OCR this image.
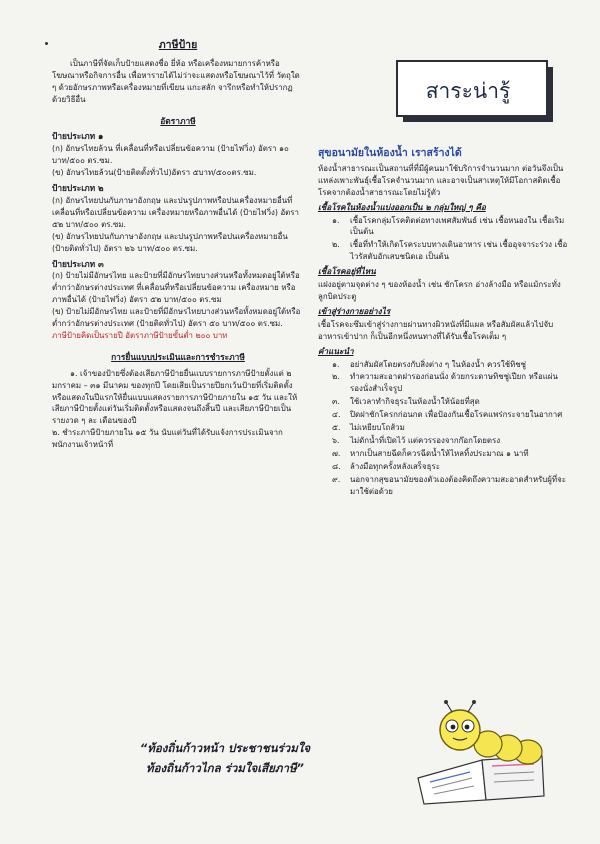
ภาษีป้าย

เป็นภาษีที่จัดเก็บป้ายแสดงชื่อ ยี่ห้อ หรือเครื่องหมายการค้าหรือโฆษณาหรือกิจการอื่น เพื่อหารายได้ไม่ว่าจะแสดงหรือโฆษณาไว้ที่ วัตถุใด ๆ ด้วยอักษรภาพหรือเครื่องหมายที่เขียน แกะสลัก จารึกหรือทำให้ปรากฏด้วยวิธีอื่น

อัตราภาษี
ป้ายประเภท ๑

(ก) อักษรไทยล้วน ที่เคลื่อนที่หรือเปลี่ยนข้อความ (ป้ายไฟวิ่ง) อัตรา ๑๐ บาท/๕๐๐ ตร.ซม.

(ข) อักษรไทยล้วน(ป้ายติดตั้งทั่วไป)อัตรา ๕บาท/๕๐๐ตร.ซม.

ป้ายประเภท ๒

(ก) อักษรไทยปนกับภาษาอังกฤษ และปนรูปภาพหรือปนเครื่องหมายอื่นที่เคลื่อนที่หรือเปลี่ยนข้อความ เครื่องหมายหรือภาพอื่นได้ (ป้ายไฟวิ่ง) อัตรา ๕๒ บาท/๕๐๐ ตร.ซม.

(ข) อักษรไทยปนกับภาษาอังกฤษ และปนรูปภาพหรือปนเครื่องหมายอื่น (ป้ายติดทั่วไป) อัตรา ๒๖ บาท/๕๐๐ ตร.ซม.

ป้ายประเภท ๓

(ก) ป้ายไม่มีอักษรไทย และป้ายที่มีอักษรไทยบางส่วนหรือทั้งหมดอยู่ใต้หรือต่ำกว่าอักษรต่างประเทศ ที่เคลื่อนที่หรือเปลี่ยนข้อความ เครื่องหมาย หรือภาพอื่นได้ (ป้ายไฟวิ่ง) อัตรา ๕๒ บาท/๕๐๐ ตร.ซม

(ข) ป้ายไม่มีอักษรไทย และป้ายที่มีอักษรไทยบางส่วนหรือทั้งหมดอยู่ใต้หรือต่ำกว่าอักษรต่างประเทศ (ป้ายติดทั่วไป) อัตรา ๕๐ บาท/๕๐๐ ตร.ซม.

ภาษีป้ายคิดเป็นรายปี อัตราภาษีป้ายขั้นต่ำ ๒๐๐ บาท

การยื่นแบบประเมินและการชำระภาษี

๑. เจ้าของป้ายซึ่งต้องเสียภาษีป้ายยื่นแบบรายการภาษีป้ายตั้งแต่ ๒ มกราคม – ๓๑ มีนาคม ของทุกปี โดยเสียเป็นรายปียกเว้นป้ายที่เริ่มติดตั้งหรือแสดงในปีแรกให้ยื่นแบบแสดงรายการภาษีป้ายภายใน ๑๕ วัน และให้เสียภาษีป้ายตั้งแต่วันเริ่มติดตั้งหรือแสดงจนถึงสิ้นปี และเสียภาษีป้ายเป็นรายงวด ๆ ละ เดือนของปี

๒. ชำระภาษีป้ายภายใน ๑๕ วัน นับแต่วันที่ได้รับแจ้งการประเมินจากพนักงานเจ้าหน้าที่

“ท้องถิ่นก้าวหน้า ประชาชนร่วมใจ
ท้องถิ่นก้าวไกล ร่วมใจเสียภาษี”
สาระน่ารู้
สุขอนามัยในห้องน้ำ เราสร้างได้

ห้องน้ำสาธารณะเป็นสถานที่ที่มีผู้คนมาใช้บริการจำนวนมาก ต่อวันจึงเป็นแหล่งเพาะพันธุ์เชื้อโรคจำนวนมาก และอาจเป็นสาเหตุให้มีโอกาสติดเชื้อโรคจากต้องน้ำสาธารณะโดยไม่รู้ตัว

เชื้อโรคในห้องน้ำแบ่งออกเป็น ๒ กลุ่มใหญ่ ๆ คือ
๑. เชื้อโรคกลุ่มโรคติดต่อทางเพศสัมพันธ์ เช่น เชื้อหนองใน เชื้อเริม เป็นต้น
๒. เชื้อที่ทำให้เกิดโรคระบบทางเดินอาหาร เช่น เชื้ออุจจาระร่วง เชื้อไวรัสตับอักเสบชนิดเอ เป็นต้น
เชื้อโรคอยู่ที่ไหน

แฝงอยู่ตามจุดต่าง ๆ ของห้องน้ำ เช่น ชักโครก อ่างล้างมือ หรือแม้กระทั่งลูกบิดประตู

เข้าสู่ร่างกายอย่างไร

เชื้อโรคจะซึมเข้าสู่ร่างกายผ่านทางผิวหนังที่มีแผล หรือสัมผัสแล้วไปจับอาหารเข้าปาก ก็เป็นอีกหนึ่งหนทางที่ได้รับเชื้อโรคเต็ม ๆ

คำแนะนำ
๑. อย่าสัมผัสโดยตรงกับสิ่งต่าง ๆ ในห้องน้ำ ควรใช้ทิชชู่
๒. ทำความสะอาดฝารองก่อนนั่ง ด้วยกระดาษทิชชู่เปียก หรือแผ่นรองนั่งสำเร็จรูป
๓. ใช้เวลาทำกิจธุระในห้องน้ำให้น้อยที่สุด
๔. ปิดฝาชักโครกก่อนกด เพื่อป้องกันเชื้อโรคแพร่กระจายในอากาศ
๕. ไม่เหยียบโถส้วม
๖. ไม่ดักน้ำที่เปิดไว้ แต่ควรรองจากก๊อกโดยตรง
๗. หากเป็นสายฉีดก็ควรฉีดน้ำให้ไหลทิ้งประมาณ ๑ นาที
๘. ล้างมือทุกครั้งหลังเสร็จธุระ
๙. นอกจากสุขอนามัยของตัวเองต้องคิดถึงความสะอาดสำหรับผู้ที่จะมาใช้ต่อด้วย
